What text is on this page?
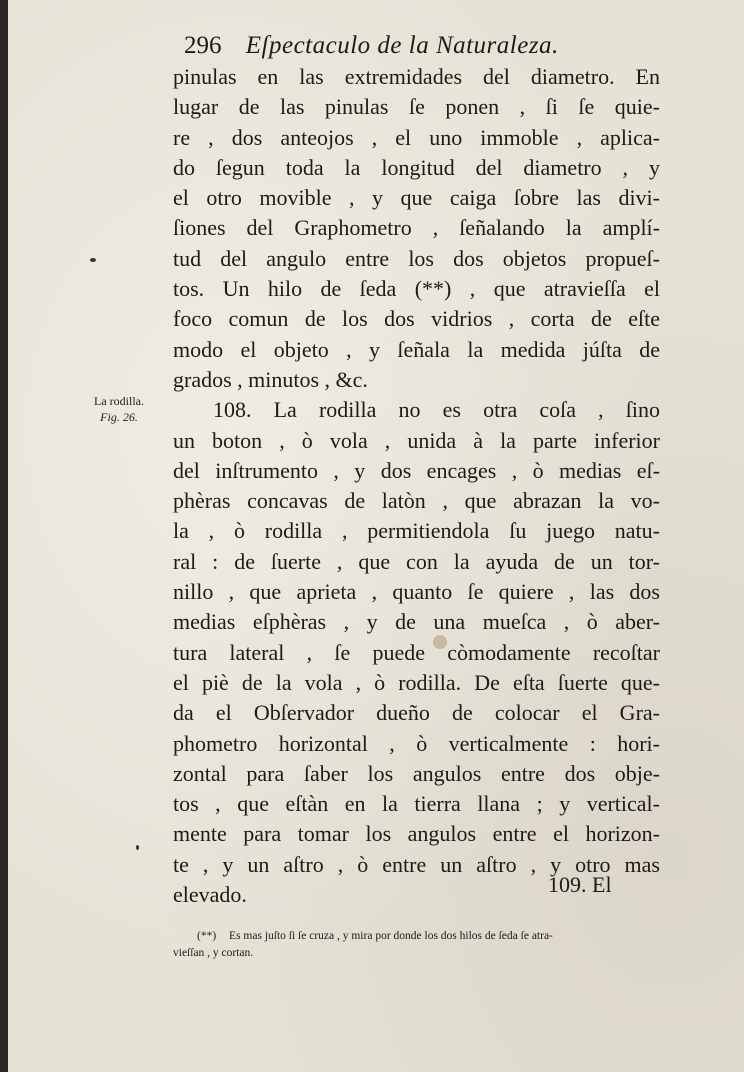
296 Eſpectaculo de la Naturaleza.
La rodilla.
Fig. 26.
pinulas en las extremidades del diametro. En
lugar de las pinulas ſe ponen , ſi ſe quie-
re , dos anteojos , el uno immoble , aplica-
do ſegun toda la longitud del diametro , y
el otro movible , y que caiga ſobre las divi-
ſiones del Graphometro , ſeñalando la amplí-
tud del angulo entre los dos objetos propueſ-
tos. Un hilo de ſeda (**) , que atravieſſa el
foco comun de los dos vidrios , corta de eſte
modo el objeto , y ſeñala la medida júſta de
grados , minutos , &c.
108. La rodilla no es otra coſa , ſino
un boton , ò vola , unida à la parte inferior
del inſtrumento , y dos encages , ò medias eſ-
phèras concavas de latòn , que abrazan la vo-
la , ò rodilla , permitiendola ſu juego natu-
ral : de ſuerte , que con la ayuda de un tor-
nillo , que aprieta , quanto ſe quiere , las dos
medias eſphèras , y de una mueſca , ò aber-
tura lateral , ſe puede còmodamente recoſtar
el piè de la vola , ò rodilla. De eſta ſuerte que-
da el Obſervador dueño de colocar el Gra-
phometro horizontal , ò verticalmente : hori-
zontal para ſaber los angulos entre dos obje-
tos , que eſtàn en la tierra llana ; y vertical-
mente para tomar los angulos entre el horizon-
te , y un aſtro , ò entre un aſtro , y otro mas
elevado.	109. El
(**) Es mas juſto ſi ſe cruza , y mira por donde los dos hilos de ſeda ſe atra-
vieſſan , y cortan.
